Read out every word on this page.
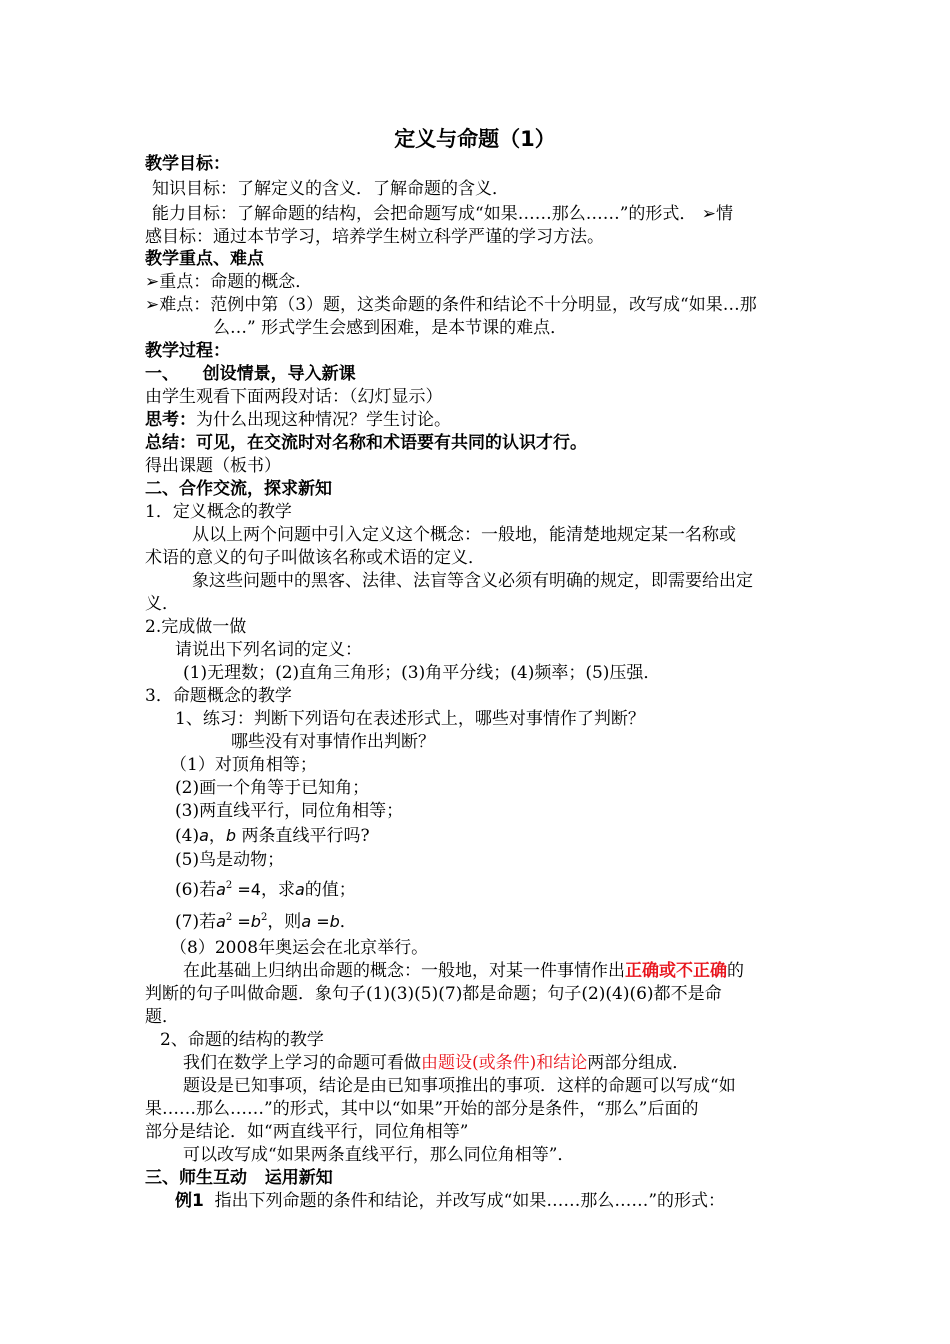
定义与命题（1）
教学目标：
知识目标：了解定义的含义．了解命题的含义．
能力目标：了解命题的结构，会把命题写成“如果……那么……”的形式． ➢情
感目标：通过本节学习，培养学生树立科学严谨的学习方法。
教学重点、难点
➢重点：命题的概念．
➢难点：范例中第（3）题，这类命题的条件和结论不十分明显，改写成“如果…那
么…” 形式学生会感到困难，是本节课的难点．
教学过程：
一、    创设情景，导入新课
由学生观看下面两段对话：（幻灯显示）
思考：为什么出现这种情况？学生讨论。
总结：可见，在交流时对名称和术语要有共同的认识才行。
得出课题（板书）
二、合作交流，探求新知
1．定义概念的教学
从以上两个问题中引入定义这个概念：一般地，能清楚地规定某一名称或
术语的意义的句子叫做该名称或术语的定义．
象这些问题中的黑客、法律、法盲等含义必须有明确的规定，即需要给出定
义．
2.完成做一做
请说出下列名词的定义：
(1)无理数；(2)直角三角形；(3)角平分线；(4)频率；(5)压强．
3．命题概念的教学
1、练习：判断下列语句在表述形式上，哪些对事情作了判断？
哪些没有对事情作出判断？
（1）对顶角相等；
(2)画一个角等于已知角；
(3)两直线平行，同位角相等；
(4)a，b 两条直线平行吗?
(5)鸟是动物；
(6)若$a^2 =4$，求a的值；
(7)若$a^2 =b^2$，则a =b．
（8）2008年奥运会在北京举行。
在此基础上归纳出命题的概念：一般地，对某一件事情作出正确或不正确的
判断的句子叫做命题．象句子(1)(3)(5)(7)都是命题；句子(2)(4)(6)都不是命
题．
2、命题的结构的教学
我们在数学上学习的命题可看做由题设(或条件)和结论两部分组成．
题设是已知事项，结论是由已知事项推出的事项．这样的命题可以写成“如
果……那么……”的形式，其中以“如果”开始的部分是条件，“那么”后面的
部分是结论．如“两直线平行，同位角相等”
可以改写成“如果两条直线平行，那么同位角相等”．
三、师生互动   运用新知
例1  指出下列命题的条件和结论，并改写成“如果……那么……”的形式：
